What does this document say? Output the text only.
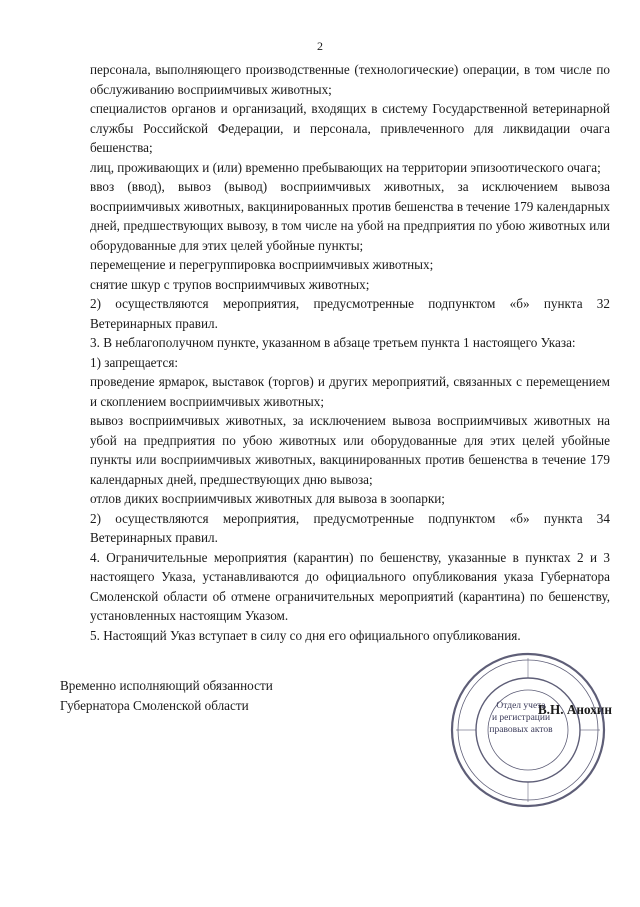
2

персонала, выполняющего производственные (технологические) операции, в том числе по обслуживанию восприимчивых животных;

специалистов органов и организаций, входящих в систему Государственной ветеринарной службы Российской Федерации, и персонала, привлеченного для ликвидации очага бешенства;

лиц, проживающих и (или) временно пребывающих на территории эпизоотического очага;

ввоз (ввод), вывоз (вывод) восприимчивых животных, за исключением вывоза восприимчивых животных, вакцинированных против бешенства в течение 179 календарных дней, предшествующих вывозу, в том числе на убой на предприятия по убою животных или оборудованные для этих целей убойные пункты;

перемещение и перегруппировка восприимчивых животных;

снятие шкур с трупов восприимчивых животных;

2) осуществляются мероприятия, предусмотренные подпунктом «б» пункта 32 Ветеринарных правил.

3. В неблагополучном пункте, указанном в абзаце третьем пункта 1 настоящего Указа:

1) запрещается:

проведение ярмарок, выставок (торгов) и других мероприятий, связанных с перемещением и скоплением восприимчивых животных;

вывоз восприимчивых животных, за исключением вывоза восприимчивых животных на убой на предприятия по убою животных или оборудованные для этих целей убойные пункты или восприимчивых животных, вакцинированных против бешенства в течение 179 календарных дней, предшествующих дню вывоза;

отлов диких восприимчивых животных для вывоза в зоопарки;

2) осуществляются мероприятия, предусмотренные подпунктом «б» пункта 34 Ветеринарных правил.

4. Ограничительные мероприятия (карантин) по бешенству, указанные в пунктах 2 и 3 настоящего Указа, устанавливаются до официального опубликования указа Губернатора Смоленской области об отмене ограничительных мероприятий (карантина) по бешенству, установленных настоящим Указом.

5. Настоящий Указ вступает в силу со дня его официального опубликования.

Временно исполняющий обязанности
Губернатора Смоленской области	В.Н. Анохин
Отдел учета
и регистрации
правовых актов
